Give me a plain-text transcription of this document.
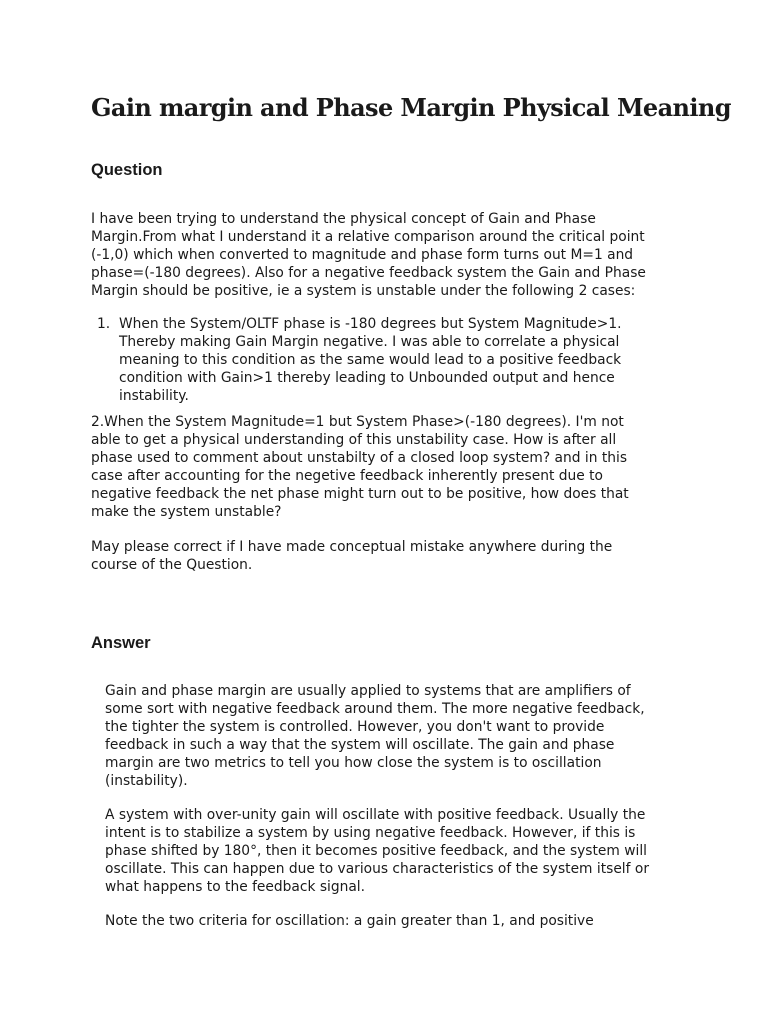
Gain margin and Phase Margin Physical Meaning
Question

I have been trying to understand the physical concept of Gain and Phase
Margin.From what I understand it a relative comparison around the critical point
(-1,0) which when converted to magnitude and phase form turns out M=1 and
phase=(-180 degrees). Also for a negative feedback system the Gain and Phase
Margin should be positive, ie a system is unstable under the following 2 cases:

1. When the System/OLTF phase is -180 degrees but System Magnitude>1.
Thereby making Gain Margin negative. I was able to correlate a physical
meaning to this condition as the same would lead to a positive feedback
condition with Gain>1 thereby leading to Unbounded output and hence
instability.

2.When the System Magnitude=1 but System Phase>(-180 degrees). I'm not
able to get a physical understanding of this unstability case. How is after all
phase used to comment about unstabilty of a closed loop system? and in this
case after accounting for the negetive feedback inherently present due to
negative feedback the net phase might turn out to be positive, how does that
make the system unstable?

May please correct if I have made conceptual mistake anywhere during the
course of the Question.

Answer

Gain and phase margin are usually applied to systems that are amplifiers of
some sort with negative feedback around them. The more negative feedback,
the tighter the system is controlled. However, you don't want to provide
feedback in such a way that the system will oscillate. The gain and phase
margin are two metrics to tell you how close the system is to oscillation
(instability).

A system with over-unity gain will oscillate with positive feedback. Usually the
intent is to stabilize a system by using negative feedback. However, if this is
phase shifted by 180°, then it becomes positive feedback, and the system will
oscillate. This can happen due to various characteristics of the system itself or
what happens to the feedback signal.

Note the two criteria for oscillation: a gain greater than 1, and positive
